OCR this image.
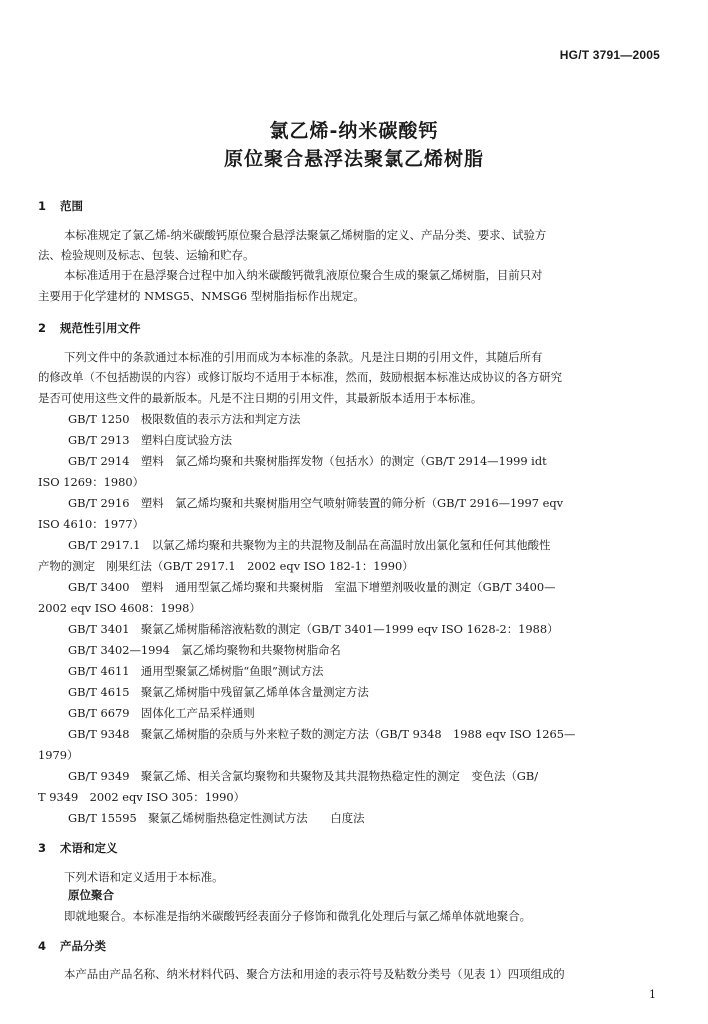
HG/T 3791—2005
氯乙烯-纳米碳酸钙
原位聚合悬浮法聚氯乙烯树脂
1 范围
本标准规定了氯乙烯-纳米碳酸钙原位聚合悬浮法聚氯乙烯树脂的定义、产品分类、要求、试验方
法、检验规则及标志、包装、运输和贮存。
本标准适用于在悬浮聚合过程中加入纳米碳酸钙微乳液原位聚合生成的聚氯乙烯树脂，目前只对
主要用于化学建材的 NMSG5、NMSG6 型树脂指标作出规定。
2 规范性引用文件
下列文件中的条款通过本标准的引用而成为本标准的条款。凡是注日期的引用文件，其随后所有
的修改单（不包括勘误的内容）或修订版均不适用于本标准，然而，鼓励根据本标准达成协议的各方研究
是否可使用这些文件的最新版本。凡是不注日期的引用文件，其最新版本适用于本标准。
GB/T 1250　极限数值的表示方法和判定方法
GB/T 2913　塑料白度试验方法
GB/T 2914　塑料　氯乙烯均聚和共聚树脂挥发物（包括水）的测定（GB/T 2914—1999 idt
ISO 1269：1980）
GB/T 2916　塑料　氯乙烯均聚和共聚树脂用空气喷射筛装置的筛分析（GB/T 2916—1997 eqv
ISO 4610：1977）
GB/T 2917.1　以氯乙烯均聚和共聚物为主的共混物及制品在高温时放出氯化氢和任何其他酸性
产物的测定　刚果红法（GB/T 2917.1　2002 eqv ISO 182-1：1990）
GB/T 3400　塑料　通用型氯乙烯均聚和共聚树脂　室温下增塑剂吸收量的测定（GB/T 3400—
2002 eqv ISO 4608：1998）
GB/T 3401　聚氯乙烯树脂稀溶液粘数的测定（GB/T 3401—1999 eqv ISO 1628-2：1988）
GB/T 3402—1994　氯乙烯均聚物和共聚物树脂命名
GB/T 4611　通用型聚氯乙烯树脂“鱼眼”测试方法
GB/T 4615　聚氯乙烯树脂中残留氯乙烯单体含量测定方法
GB/T 6679　固体化工产品采样通则
GB/T 9348　聚氯乙烯树脂的杂质与外来粒子数的测定方法（GB/T 9348　1988 eqv ISO 1265—
1979）
GB/T 9349　聚氯乙烯、相关含氯均聚物和共聚物及其共混物热稳定性的测定　变色法（GB/
T 9349　2002 eqv ISO 305：1990）
GB/T 15595　聚氯乙烯树脂热稳定性测试方法　　白度法
3 术语和定义
下列术语和定义适用于本标准。
原位聚合
即就地聚合。本标准是指纳米碳酸钙经表面分子修饰和微乳化处理后与氯乙烯单体就地聚合。
4 产品分类
本产品由产品名称、纳米材料代码、聚合方法和用途的表示符号及粘数分类号（见表 1）四项组成的
1
